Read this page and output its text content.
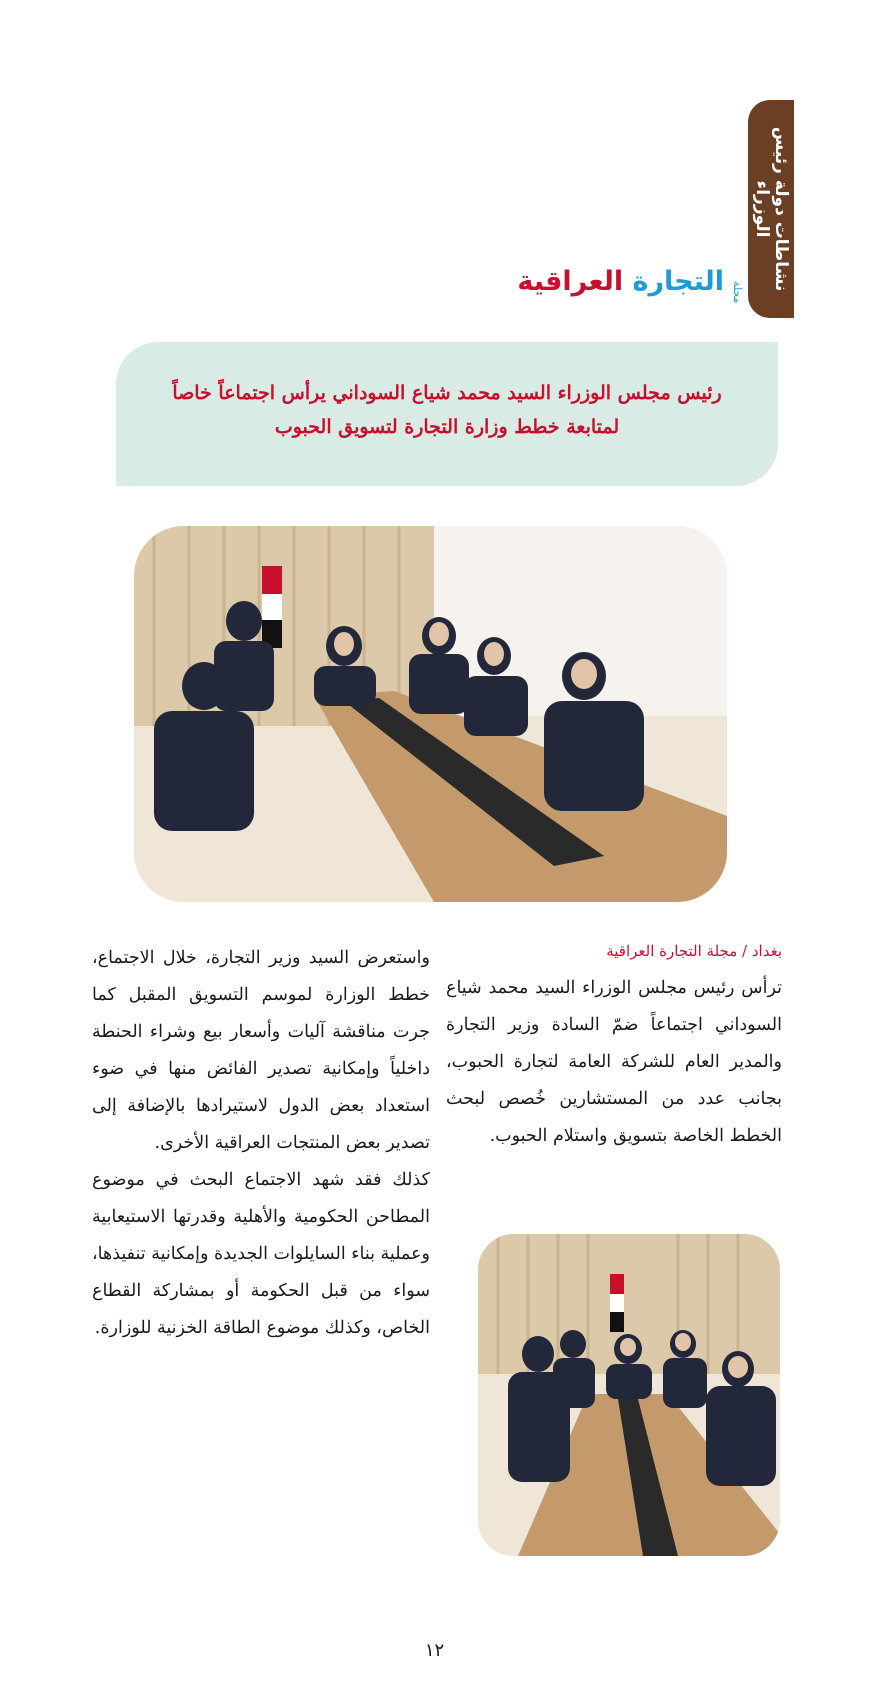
نشاطات دولة رئيس
الوزراء
التجارة العراقية	مجلة
رئيس مجلس الوزراء السيد محمد شياع السوداني يرأس اجتماعاً خاصاً
لمتابعة خطط وزارة التجارة لتسويق الحبوب

بغداد / مجلة التجارة العراقية

ترأس رئيس مجلس الوزراء السيد محمد شياع السوداني اجتماعاً ضمّ السادة وزير التجارة والمدير العام للشركة العامة لتجارة الحبوب، بجانب عدد من المستشارين خُصص لبحث الخطط الخاصة بتسويق واستلام الحبوب.

واستعرض السيد وزير التجارة، خلال الاجتماع، خطط الوزارة لموسم التسويق المقبل كما جرت مناقشة آليات وأسعار بيع وشراء الحنطة داخلياً وإمكانية تصدير الفائض منها في ضوء استعداد بعض الدول لاستيرادها بالإضافة إلى تصدير بعض المنتجات العراقية الأخرى.

كذلك فقد شهد الاجتماع البحث في موضوع المطاحن الحكومية والأهلية وقدرتها الاستيعابية وعملية بناء السايلوات الجديدة وإمكانية تنفيذها، سواء من قبل الحكومة أو بمشاركة القطاع الخاص، وكذلك موضوع الطاقة الخزنية للوزارة.

١٢
